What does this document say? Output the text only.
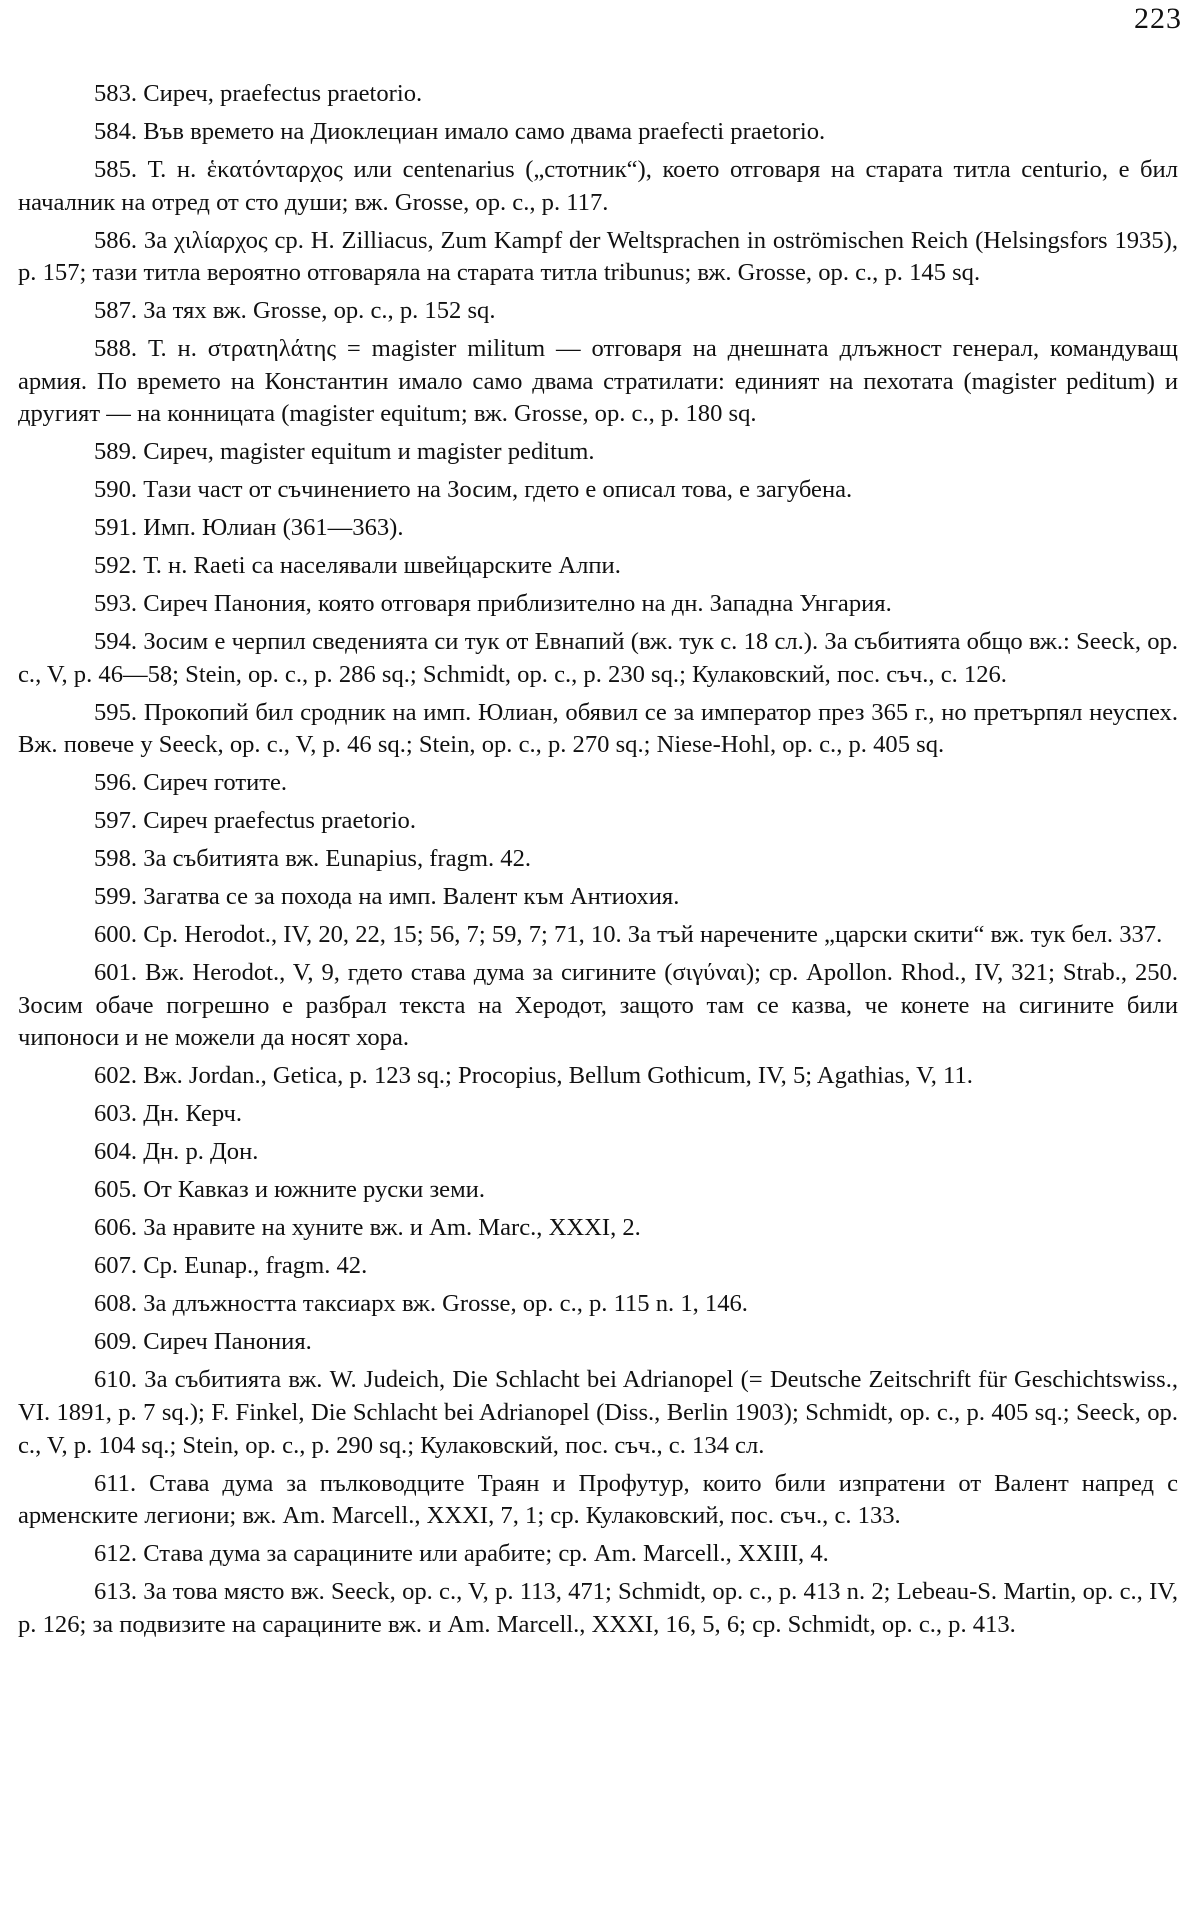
223

583. Сиреч, praefectus praetorio.

584. Във времето на Диоклециан имало само двама praefecti praetorio.

585. Т. н. ἑκατόνταρχος или centenarius („стотник“), което отговаря на старата титла centurio, е бил началник на отред от сто души; вж. Grosse, op. c., p. 117.

586. За χιλίαρχος ср. H. Zilliacus, Zum Kampf der Weltsprachen in oströmischen Reich (Helsingsfors 1935), p. 157; тази титла вероятно отговаряла на старата титла tribunus; вж. Grosse, op. c., p. 145 sq.

587. За тях вж. Grosse, op. c., p. 152 sq.

588. Т. н. στρατηλάτης = magister militum — отговаря на днешната длъжност генерал, командуващ армия. По времето на Константин имало само двама стратилати: единият на пехотата (magister peditum) и другият — на конницата (magister equitum; вж. Grosse, op. c., p. 180 sq.

589. Сиреч, magister equitum и magister peditum.

590. Тази част от съчинението на Зосим, гдето е описал това, е загубена.

591. Имп. Юлиан (361—363).

592. Т. н. Raeti са населявали швейцарските Алпи.

593. Сиреч Панония, която отговаря приблизително на дн. Западна Унгария.

594. Зосим е черпил сведенията си тук от Евнапий (вж. тук с. 18 сл.). За събитията общо вж.: Seeck, op. c., V, p. 46—58; Stein, op. c., p. 286 sq.; Schmidt, op. c., p. 230 sq.; Кулаковский, пос. съч., с. 126.

595. Прокопий бил сродник на имп. Юлиан, обявил се за император през 365 г., но претърпял неуспех. Вж. повече у Seeck, op. c., V, p. 46 sq.; Stein, op. c., p. 270 sq.; Niese-Hohl, op. c., p. 405 sq.

596. Сиреч готите.

597. Сиреч praefectus praetorio.

598. За събитията вж. Eunapius, fragm. 42.

599. Загатва се за похода на имп. Валент към Антиохия.

600. Ср. Herodot., IV, 20, 22, 15; 56, 7; 59, 7; 71, 10. За тъй наречените „царски скити“ вж. тук бел. 337.

601. Вж. Herodot., V, 9, гдето става дума за сигините (σιγύναι); ср. Apollon. Rhod., IV, 321; Strab., 250. Зосим обаче погрешно е разбрал текста на Херодот, защото там се казва, че конете на сигините били чипоноси и не можели да носят хора.

602. Вж. Jordan., Getica, p. 123 sq.; Procopius, Bellum Gothicum, IV, 5; Agathias, V, 11.

603. Дн. Керч.

604. Дн. р. Дон.

605. От Кавказ и южните руски земи.

606. За нравите на хуните вж. и Am. Marc., XXXI, 2.

607. Ср. Eunap., fragm. 42.

608. За длъжността таксиарх вж. Grosse, op. c., p. 115 n. 1, 146.

609. Сиреч Панония.

610. За събитията вж. W. Judeich, Die Schlacht bei Adrianopel (= Deutsche Zeitschrift für Geschichtswiss., VI. 1891, p. 7 sq.); F. Finkel, Die Schlacht bei Adrianopel (Diss., Berlin 1903); Schmidt, op. c., p. 405 sq.; Seeck, op. c., V, p. 104 sq.; Stein, op. c., p. 290 sq.; Кулаковский, пос. съч., с. 134 сл.

611. Става дума за пълководците Траян и Профутур, които били изпратени от Валент напред с арменските легиони; вж. Am. Marcell., XXXI, 7, 1; ср. Кулаковский, пос. съч., с. 133.

612. Става дума за сарацините или арабите; ср. Am. Marcell., XXIII, 4.

613. За това място вж. Seeck, op. c., V, p. 113, 471; Schmidt, op. c., p. 413 n. 2; Lebeau-S. Martin, op. c., IV, p. 126; за подвизите на сарацините вж. и Am. Marcell., XXXI, 16, 5, 6; ср. Schmidt, op. c., p. 413.
